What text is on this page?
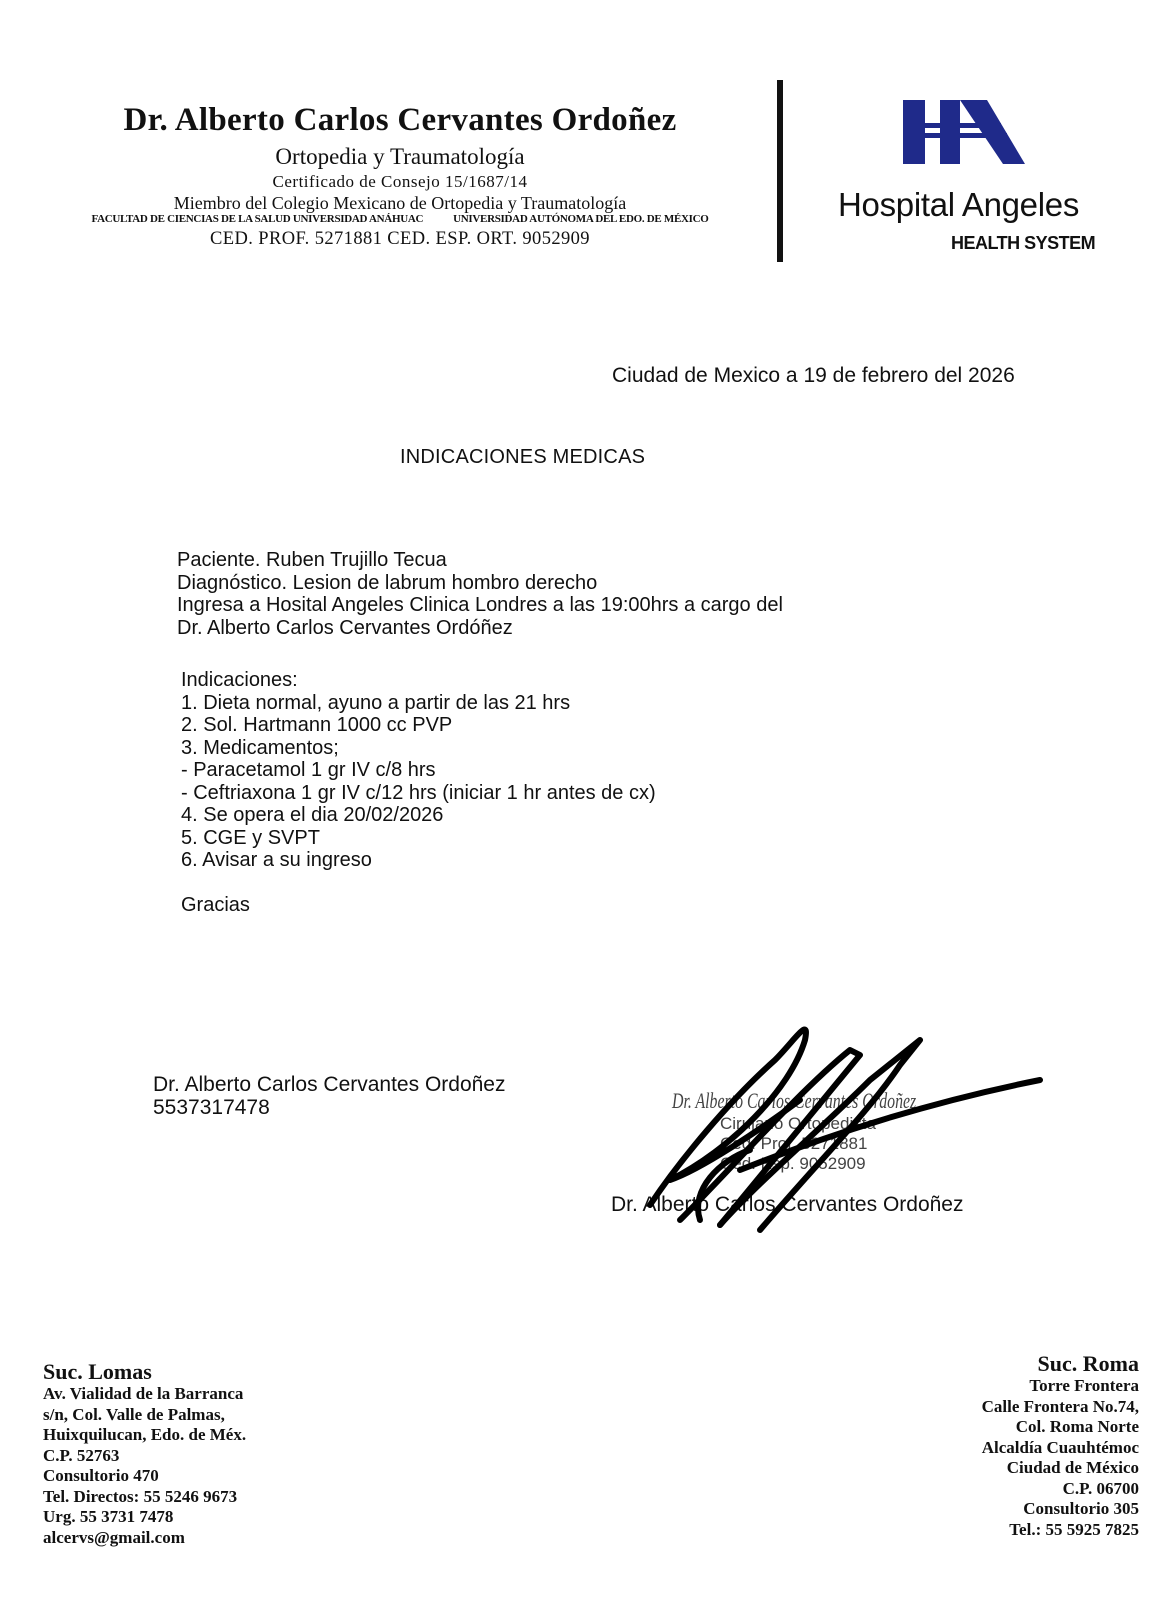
Dr. Alberto Carlos Cervantes Ordoñez
Ortopedia y Traumatología
Certificado de Consejo 15/1687/14
Miembro del Colegio Mexicano de Ortopedia y Traumatología
FACULTAD DE CIENCIAS DE LA SALUD UNIVERSIDAD ANÁHUAC	UNIVERSIDAD AUTÓNOMA DEL EDO. DE MÉXICO
CED. PROF. 5271881 CED. ESP. ORT. 9052909
Hospital Angeles
HEALTH SYSTEM
Ciudad de Mexico a 19 de febrero del 2026
INDICACIONES MEDICAS
Paciente. Ruben Trujillo Tecua
Diagnóstico. Lesion de labrum hombro derecho
Ingresa a Hosital Angeles Clinica Londres a las 19:00hrs a cargo del
Dr. Alberto Carlos Cervantes Ordóñez
Indicaciones:
1. Dieta normal, ayuno a partir de las 21 hrs
2. Sol. Hartmann 1000 cc PVP
3. Medicamentos;
- Paracetamol 1 gr IV c/8 hrs
- Ceftriaxona 1 gr IV c/12 hrs (iniciar 1 hr antes de cx)
4. Se opera el dia 20/02/2026
5. CGE y SVPT
6. Avisar a su ingreso
Gracias
Dr. Alberto Carlos Cervantes Ordoñez
5537317478	Dr. Alberto Carlos Cervantes Ordoñez
Cirujano Ortopedista
Ced. Prof. 5271881
Ced. Esp. 9052909
Dr. Alberto Carlos Cervantes Ordoñez
Suc. Lomas
Av. Vialidad de la Barranca
s/n, Col. Valle de Palmas,
Huixquilucan, Edo. de Méx.
C.P. 52763
Consultorio 470
Tel. Directos: 55 5246 9673
Urg. 55 3731 7478
alcervs@gmail.com
Suc. Roma
Torre Frontera
Calle Frontera No.74,
Col. Roma Norte
Alcaldía Cuauhtémoc
Ciudad de México
C.P. 06700
Consultorio 305
Tel.: 55 5925 7825
